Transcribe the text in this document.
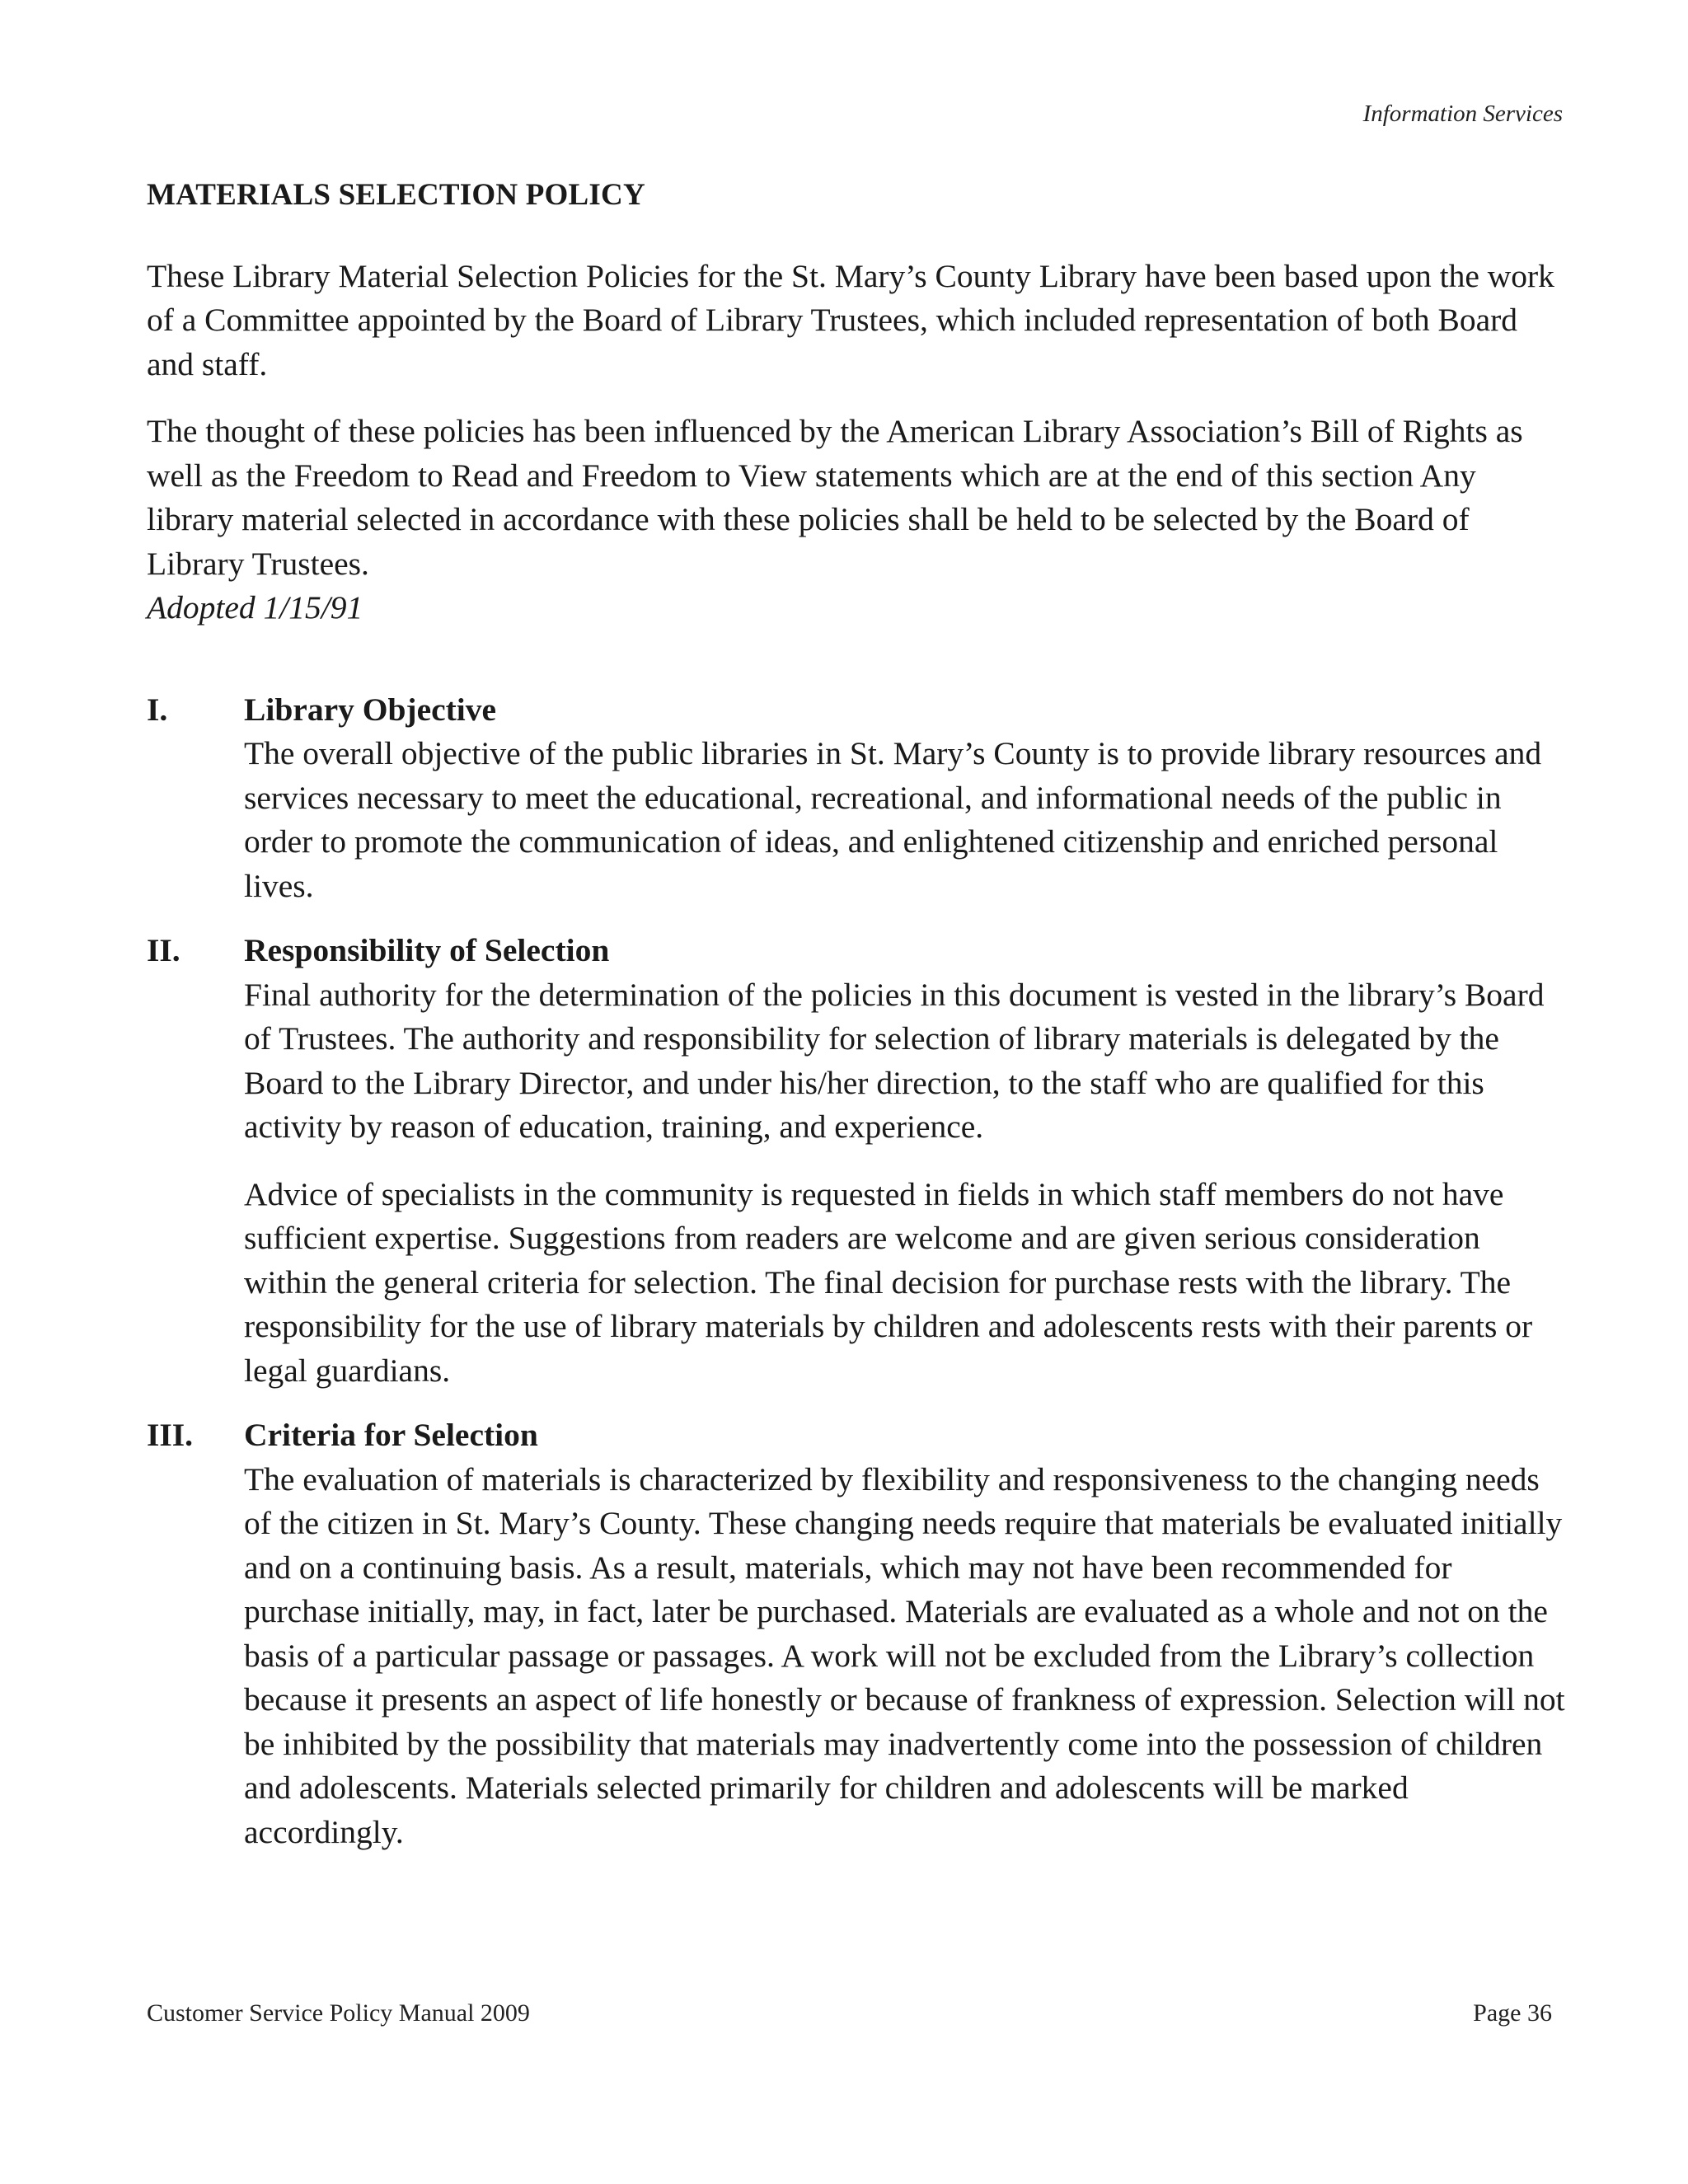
Information Services
MATERIALS SELECTION POLICY

These Library Material Selection Policies for the St. Mary’s County Library have been based upon the work of a Committee appointed by the Board of Library Trustees, which included representation of both Board and staff.

The thought of these policies has been influenced by the American Library Association’s Bill of Rights as well as the Freedom to Read and Freedom to View statements which are at the end of this section Any library material selected in accordance with these policies shall be held to be selected by the Board of Library Trustees.

Adopted 1/15/91

I.	Library Objective

The overall objective of the public libraries in St. Mary’s County is to provide library resources and services necessary to meet the educational, recreational, and informational needs of the public in order to promote the communication of ideas, and enlightened citizenship and enriched personal lives.

II.	Responsibility of Selection

Final authority for the determination of the policies in this document is vested in the library’s Board of Trustees. The authority and responsibility for selection of library materials is delegated by the Board to the Library Director, and under his/her direction, to the staff who are qualified for this activity by reason of education, training, and experience.

Advice of specialists in the community is requested in fields in which staff members do not have sufficient expertise. Suggestions from readers are welcome and are given serious consideration within the general criteria for selection. The final decision for purchase rests with the library. The responsibility for the use of library materials by children and adolescents rests with their parents or legal guardians.

III.	Criteria for Selection

The evaluation of materials is characterized by flexibility and responsiveness to the changing needs of the citizen in St. Mary’s County. These changing needs require that materials be evaluated initially and on a continuing basis. As a result, materials, which may not have been recommended for purchase initially, may, in fact, later be purchased. Materials are evaluated as a whole and not on the basis of a particular passage or passages. A work will not be excluded from the Library’s collection because it presents an aspect of life honestly or because of frankness of expression. Selection will not be inhibited by the possibility that materials may inadvertently come into the possession of children and adolescents. Materials selected primarily for children and adolescents will be marked accordingly.

Customer Service Policy Manual 2009	Page 36
